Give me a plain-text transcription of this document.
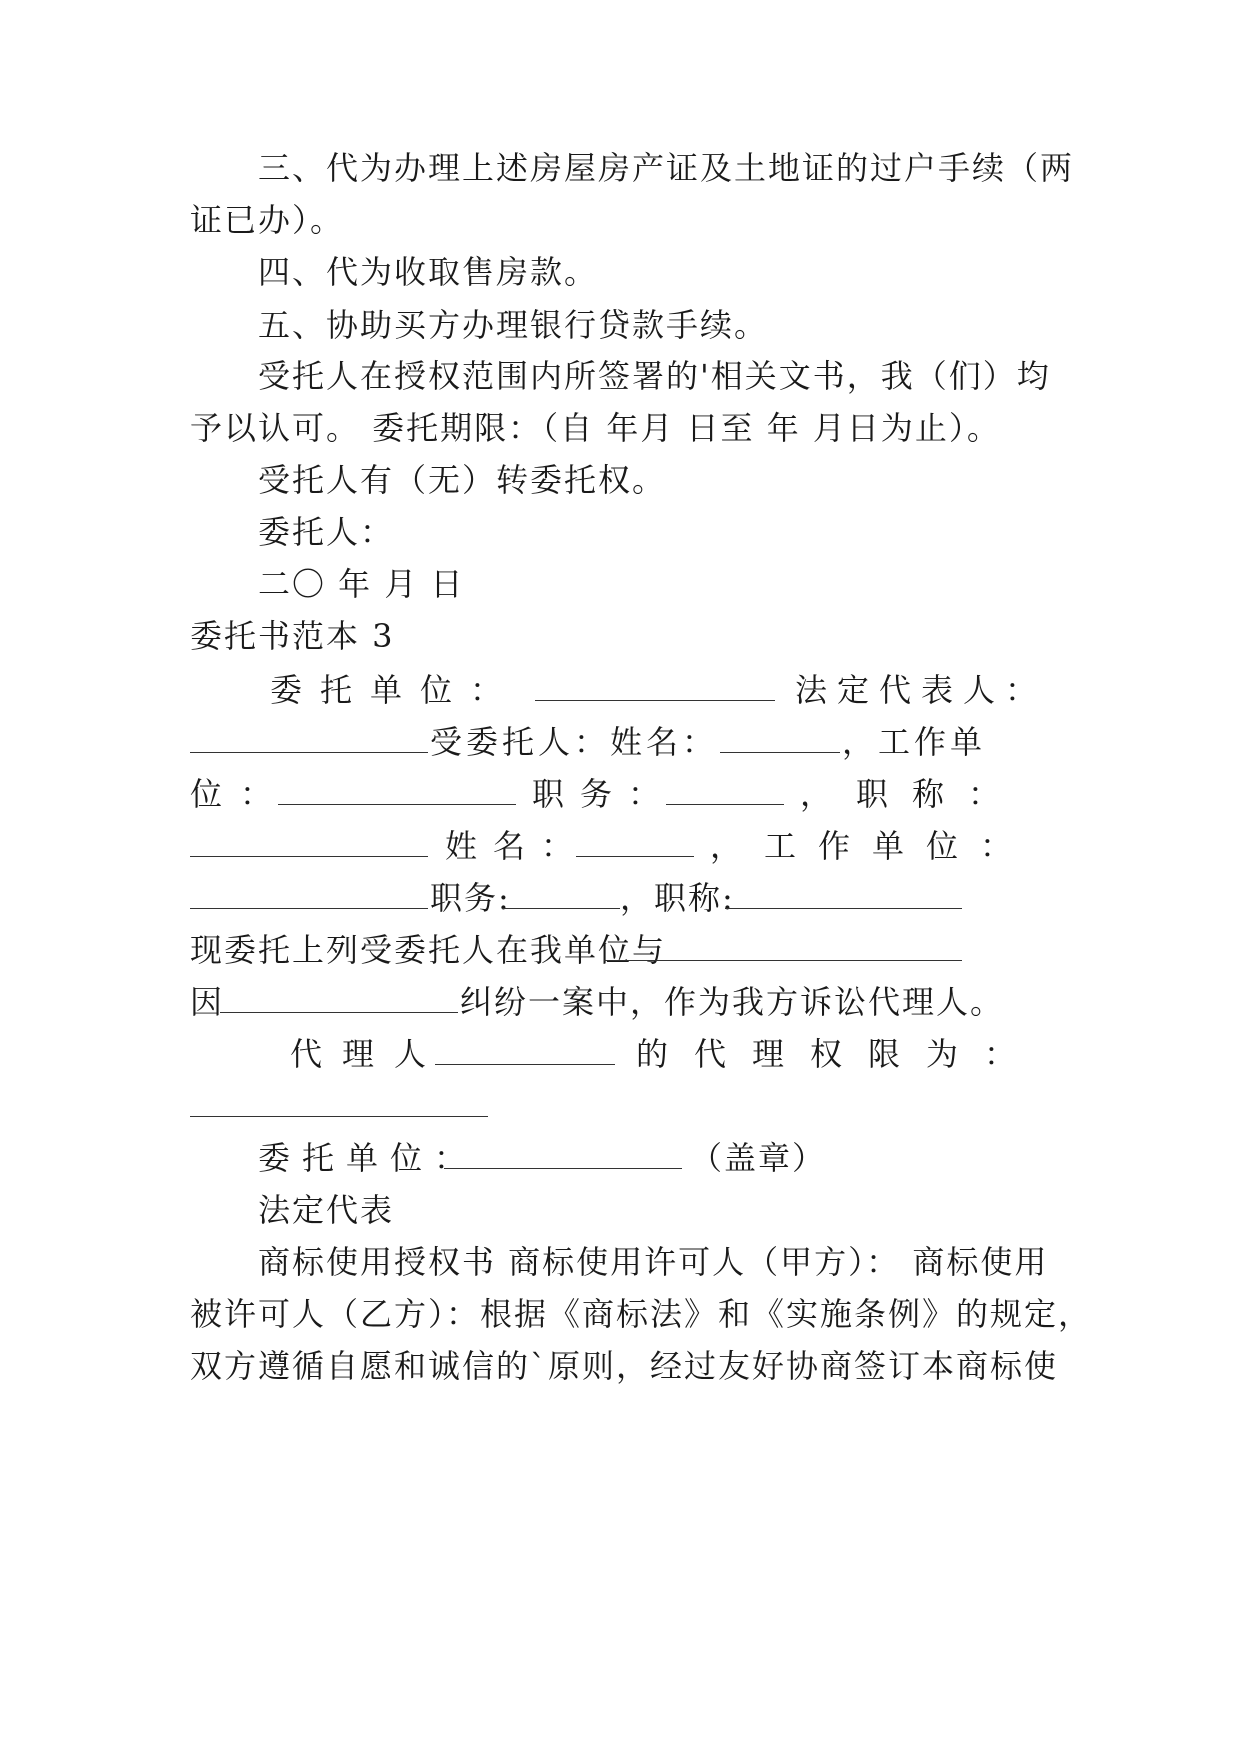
三、代为办理上述房屋房产证及土地证的过户手续（两
证已办）。
四、代为收取售房款。
五、协助买方办理银行贷款手续。
受托人在授权范围内所签署的'相关文书，我（们）均
予以认可。 委托期限：（自 年月 日至 年 月日为止）。
受托人有（无）转委托权。
委托人：
二〇 年 月 日
委托书范本 3
委托单位：	法定代表人：
受委托人：姓名：	，工作单
位：	职务：	，职称：
姓名：	，工作单位：
职务:	，职称:
现委托上列受委托人在我单位与
因	纠纷一案中，作为我方诉讼代理人。
代理人	的代理权限为：
委托单位：	（盖章）
法定代表
商标使用授权书 商标使用许可人（甲方）： 商标使用
被许可人（乙方）：根据《商标法》和《实施条例》的规定，
双方遵循自愿和诚信的`原则，经过友好协商签订本商标使
